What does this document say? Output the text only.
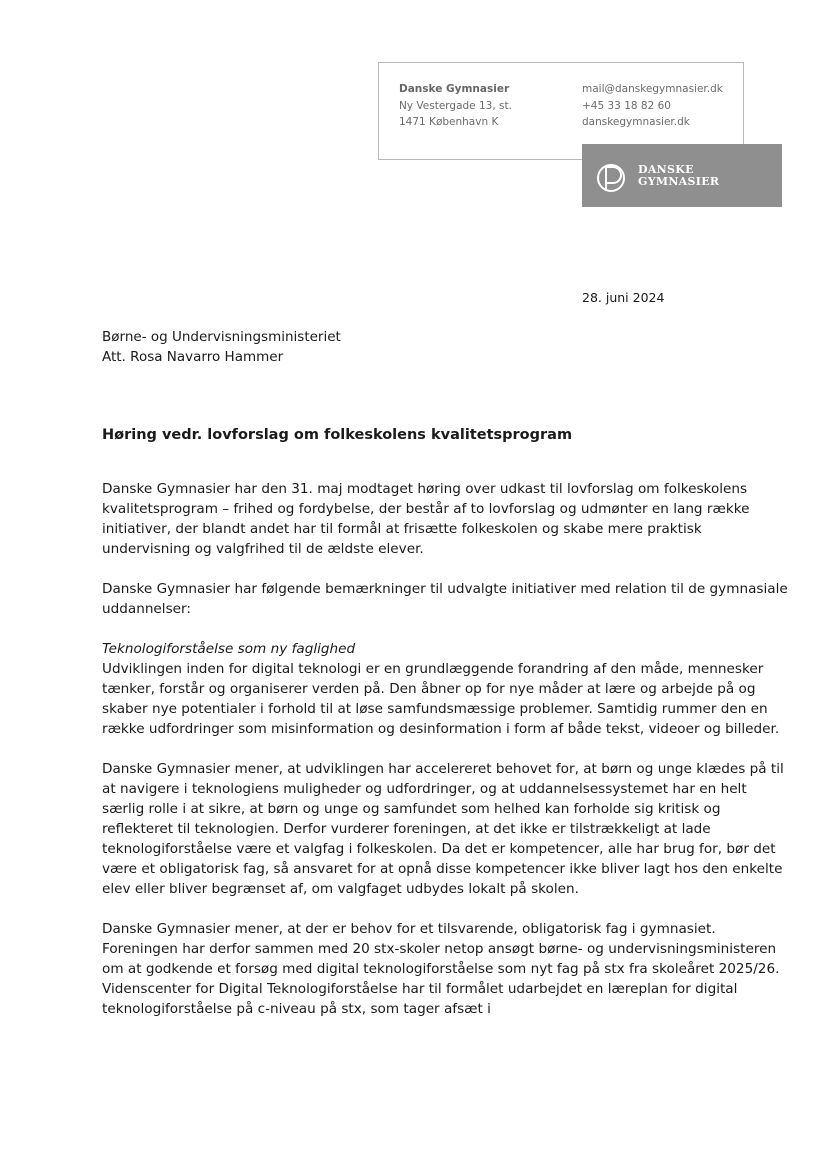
Danske Gymnasier
Ny Vestergade 13, st.
1471 København K
mail@danskegymnasier.dk
+45 33 18 82 60
danskegymnasier.dk
DANSKE
GYMNASIER
28. juni 2024
Børne- og Undervisningsministeriet
Att. Rosa Navarro Hammer
Høring vedr. lovforslag om folkeskolens kvalitetsprogram

Danske Gymnasier har den 31. maj modtaget høring over udkast til lovforslag om folkeskolens kvalitetsprogram – frihed og fordybelse, der består af to lovforslag og udmønter en lang række initiativer, der blandt andet har til formål at frisætte folkeskolen og skabe mere praktisk undervisning og valgfrihed til de ældste elever.

Danske Gymnasier har følgende bemærkninger til udvalgte initiativer med relation til de gymnasiale uddannelser:

Teknologiforståelse som ny faglighed

Udviklingen inden for digital teknologi er en grundlæggende forandring af den måde, mennesker tænker, forstår og organiserer verden på. Den åbner op for nye måder at lære og arbejde på og skaber nye potentialer i forhold til at løse samfundsmæssige problemer. Samtidig rummer den en række udfordringer som misinformation og desinformation i form af både tekst, videoer og billeder.

Danske Gymnasier mener, at udviklingen har accelereret behovet for, at børn og unge klædes på til at navigere i teknologiens muligheder og udfordringer, og at uddannelsessystemet har en helt særlig rolle i at sikre, at børn og unge og samfundet som helhed kan forholde sig kritisk og reflekteret til teknologien. Derfor vurderer foreningen, at det ikke er tilstrækkeligt at lade teknologiforståelse være et valgfag i folkeskolen. Da det er kompetencer, alle har brug for, bør det være et obligatorisk fag, så ansvaret for at opnå disse kompetencer ikke bliver lagt hos den enkelte elev eller bliver begrænset af, om valgfaget udbydes lokalt på skolen.

Danske Gymnasier mener, at der er behov for et tilsvarende, obligatorisk fag i gymnasiet. Foreningen har derfor sammen med 20 stx-skoler netop ansøgt børne- og undervisningsministeren om at godkende et forsøg med digital teknologiforståelse som nyt fag på stx fra skoleåret 2025/26. Videnscenter for Digital Teknologiforståelse har til formålet udarbejdet en læreplan for digital teknologiforståelse på c-niveau på stx, som tager afsæt i
